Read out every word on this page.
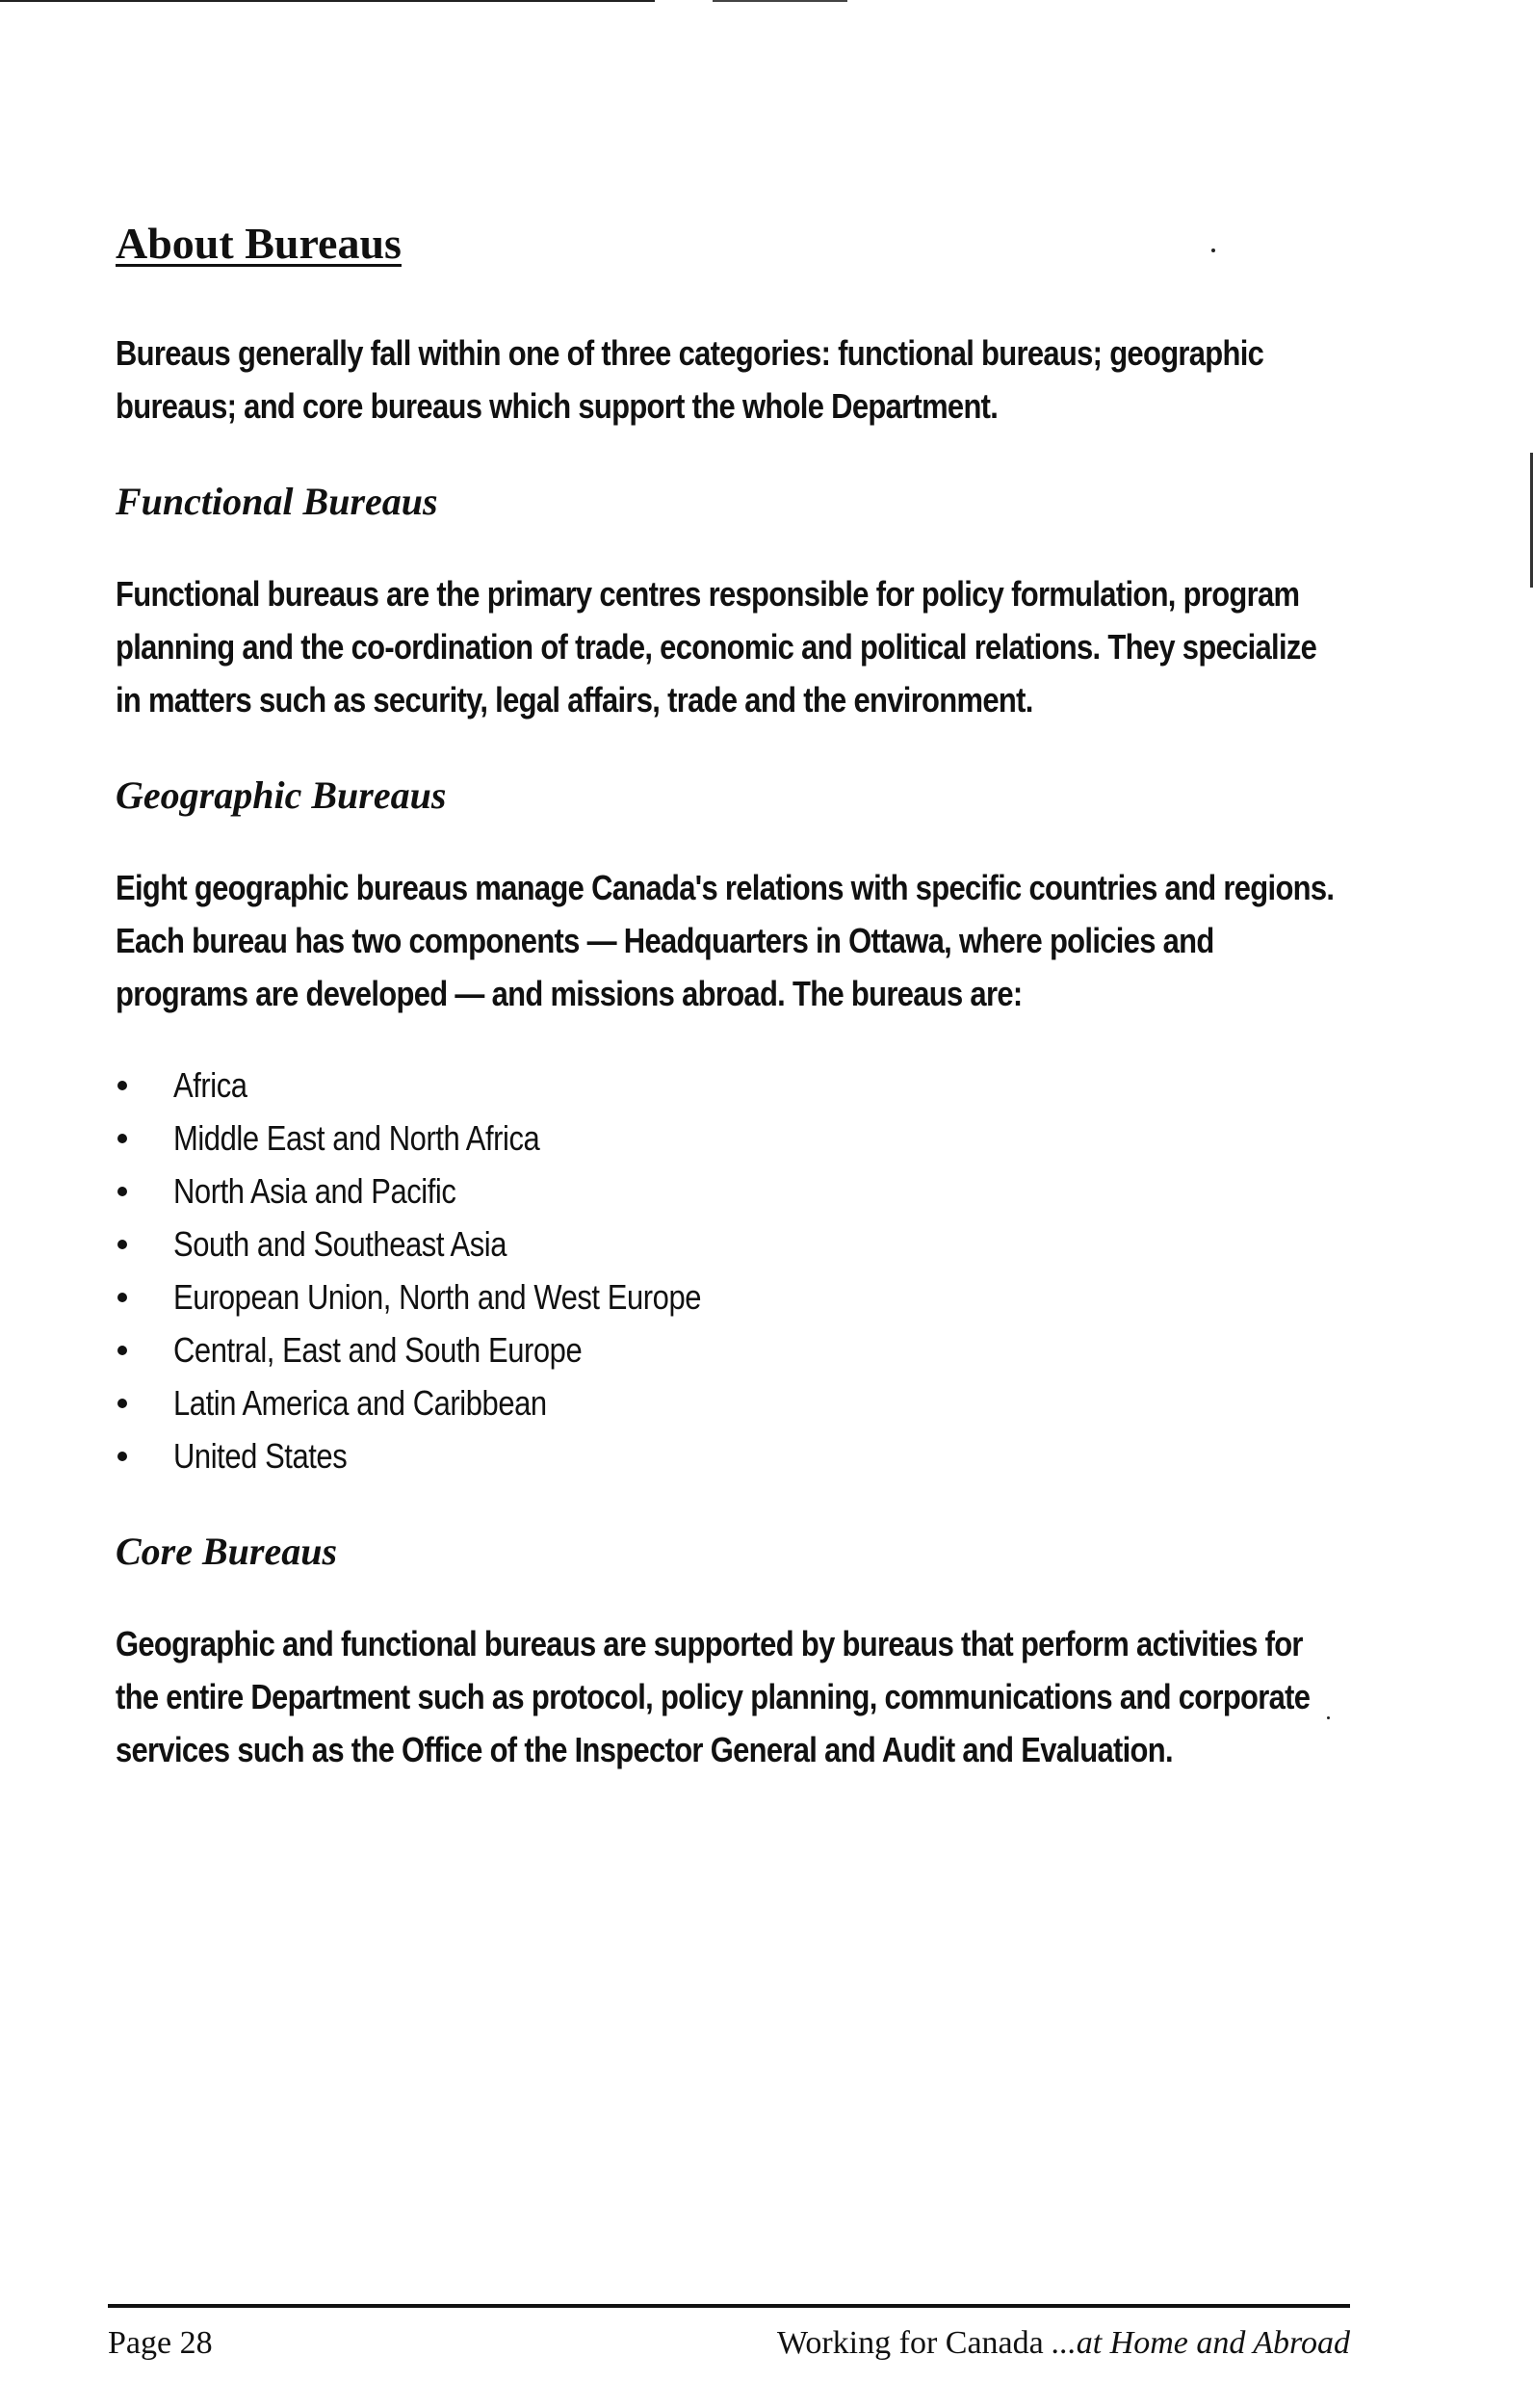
About Bureaus

Bureaus generally fall within one of three categories: functional bureaus; geographic bureaus; and core bureaus which support the whole Department.

Functional Bureaus

Functional bureaus are the primary centres responsible for policy formulation, program planning and the co-ordination of trade, economic and political relations. They specialize in matters such as security, legal affairs, trade and the environment.

Geographic Bureaus

Eight geographic bureaus manage Canada's relations with specific countries and regions. Each bureau has two components — Headquarters in Ottawa, where policies and programs are developed — and missions abroad. The bureaus are:

Africa
Middle East and North Africa
North Asia and Pacific
South and Southeast Asia
European Union, North and West Europe
Central, East and South Europe
Latin America and Caribbean
United States
Core Bureaus

Geographic and functional bureaus are supported by bureaus that perform activities for the entire Department such as protocol, policy planning, communications and corporate services such as the Office of the Inspector General and Audit and Evaluation.

Page 28	Working for Canada ...at Home and Abroad
